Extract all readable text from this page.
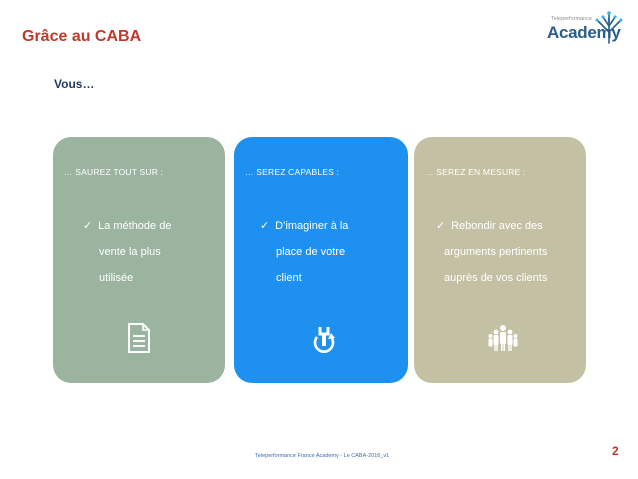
Grâce au CABA
Teleperformance
Academy
Vous…
… SAUREZ TOUT SUR :
✓ La méthode de
vente la plus
utilisée
… SEREZ CAPABLES :
✓ D’imaginer à la
place de votre
client
… SEREZ EN MESURE :
✓ Rebondir avec des
arguments pertinents
auprès de vos clients
Teleperformance France Academy - Le CABA-2016_v1	2
